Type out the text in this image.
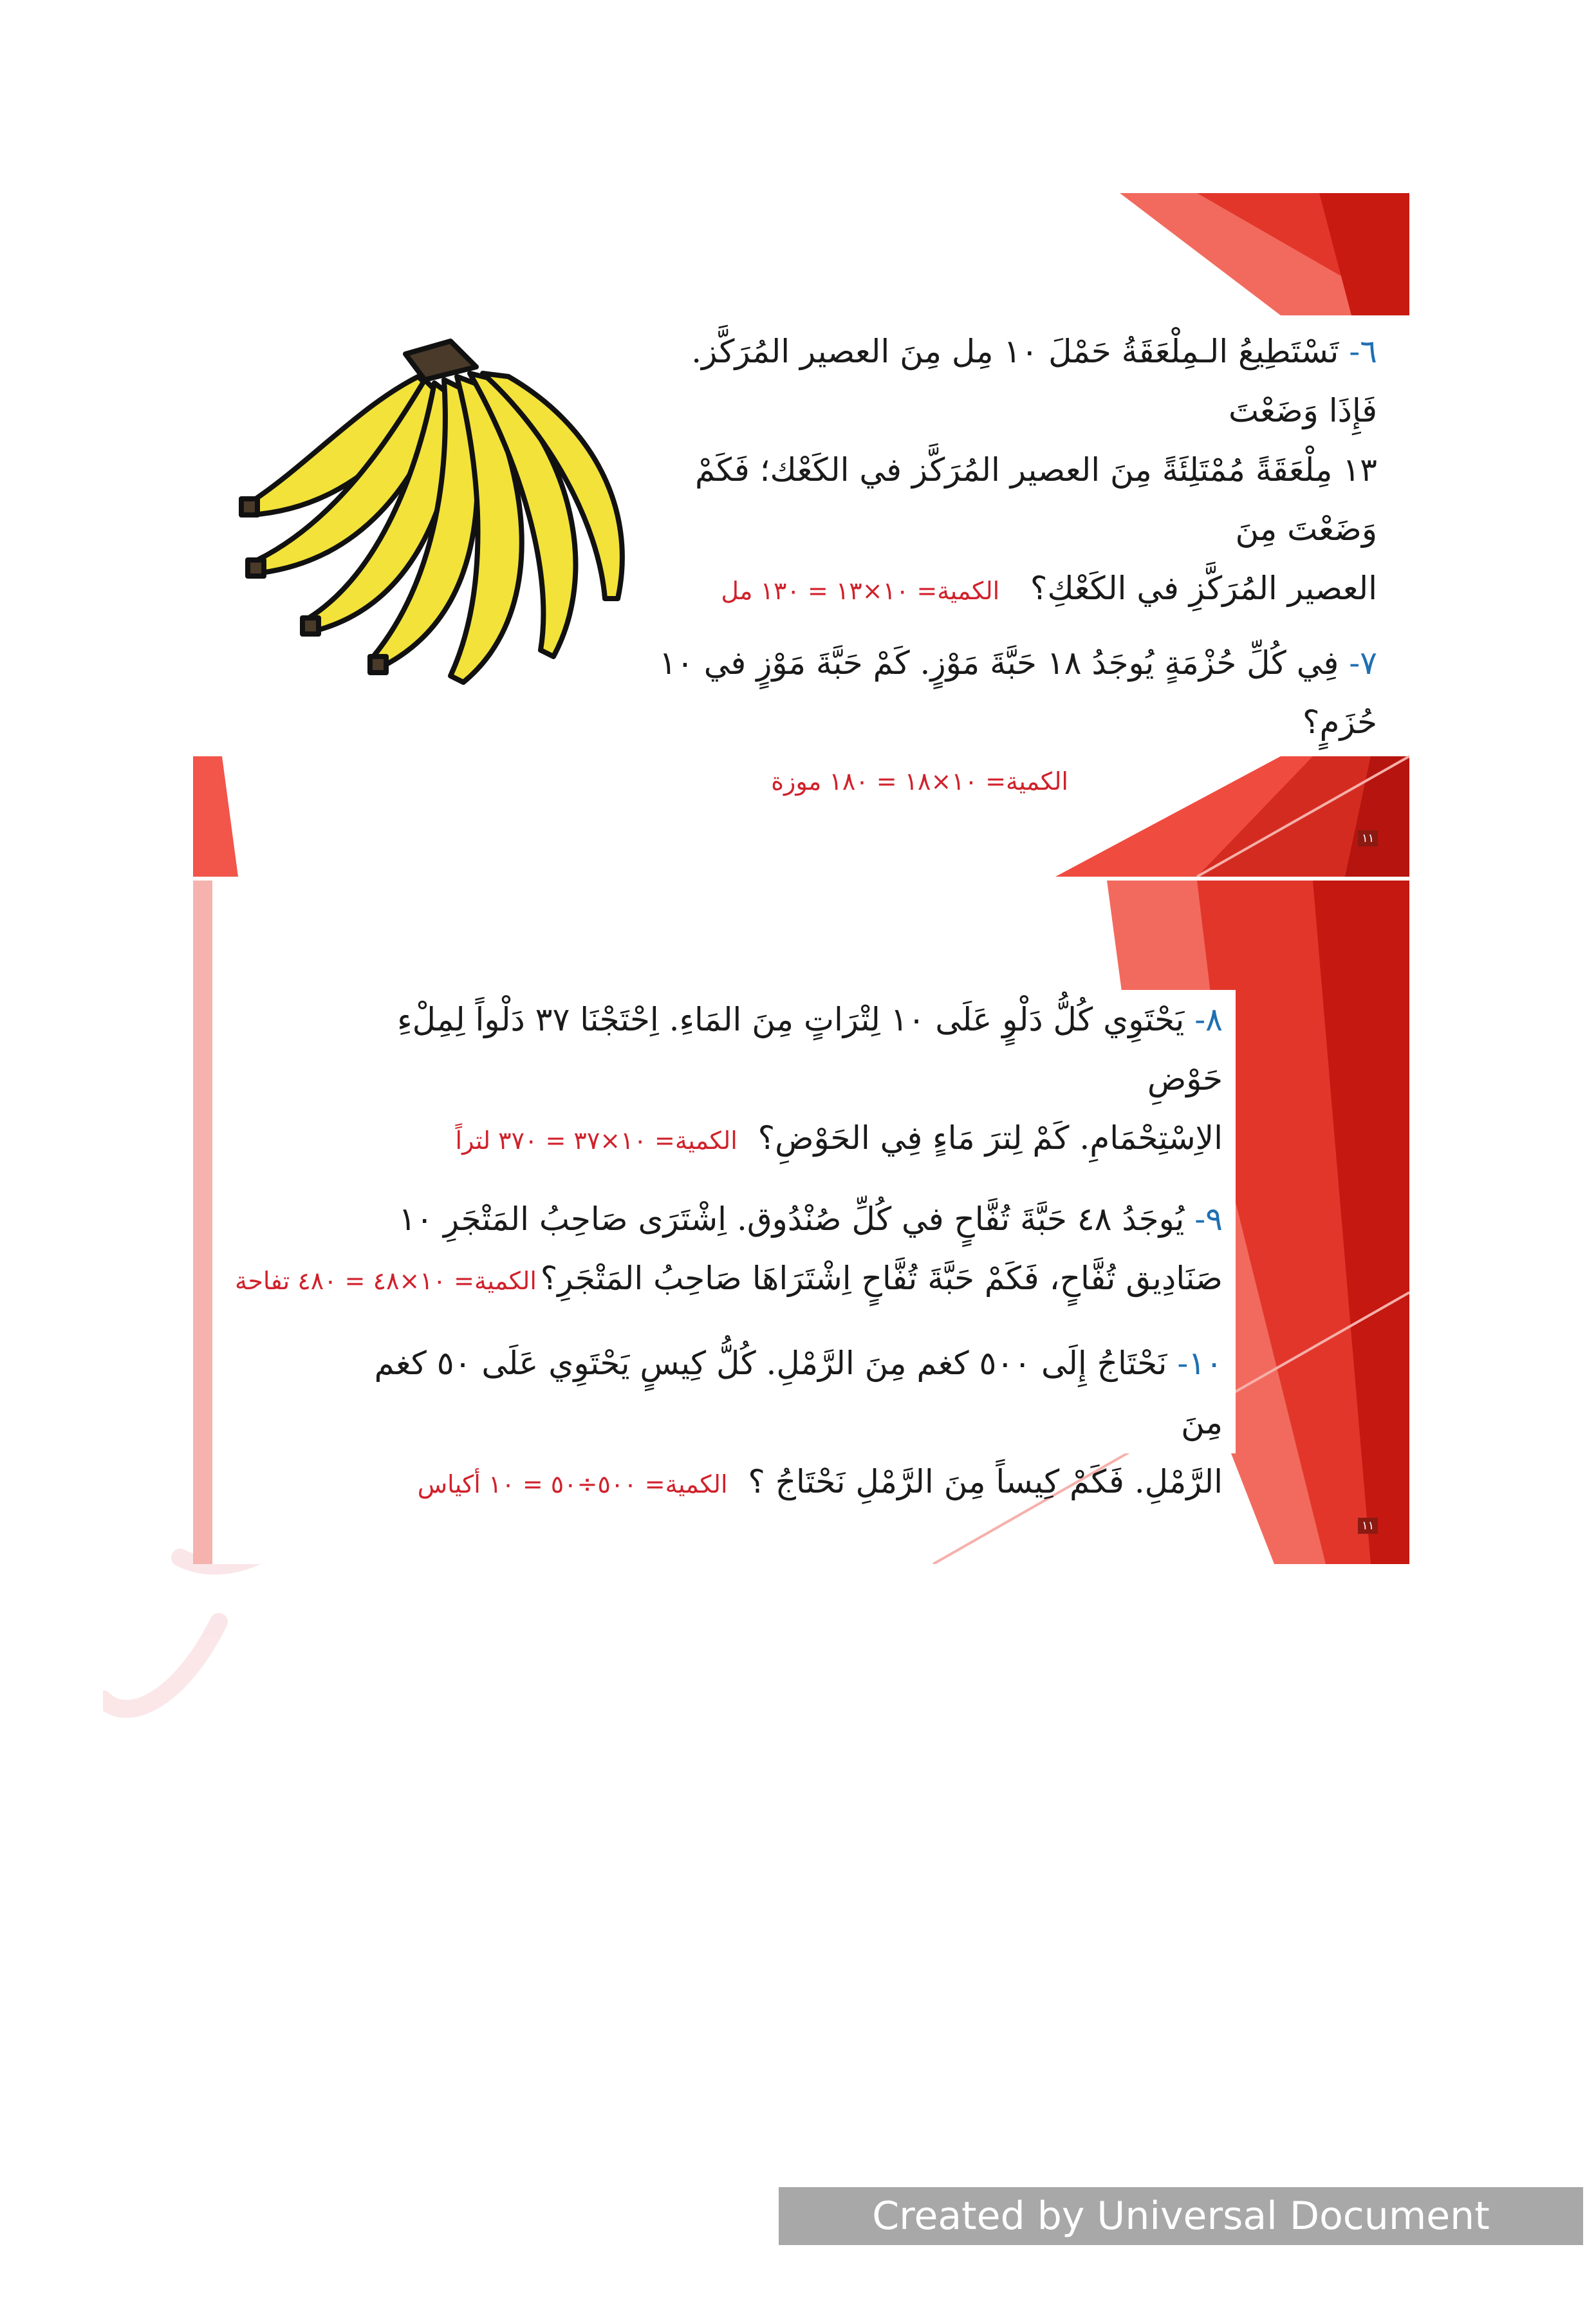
٦- تَسْتَطِيعُ الـمِلْعَقَةُ حَمْلَ ١٠ مِل مِنَ العصير المُرَكَّز. فَإِذَا وَضَعْتَ
١٣ مِلْعَقَةً مُمْتَلِئَةً مِنَ العصير المُرَكَّز في الكَعْك؛ فَكَمْ وَضَعْتَ مِنَ
العصير المُرَكَّزِ في الكَعْكِ؟   الكمية= ١٠×١٣ = ١٣٠ مل
٧- فِي كُلِّ حُزْمَةٍ يُوجَدُ ١٨ حَبَّةَ مَوْزٍ. كَمْ حَبَّةَ مَوْزٍ في ١٠ حُزَمٍ؟
الكمية= ١٠×١٨ = ١٨٠ موزة
١١
٨- يَحْتَوِي كُلُّ دَلْوٍ عَلَى ١٠ لِتْرَاتٍ مِنَ المَاءِ. اِحْتَجْنَا ٣٧ دَلْواً لِمِلْءِ حَوْضِ
الاِسْتِحْمَامِ. كَمْ لِترَ مَاءٍ فِي الحَوْضِ؟  الكمية= ١٠×٣٧ = ٣٧٠ لتراً
٩- يُوجَدُ ٤٨ حَبَّةَ تُفَّاحٍ في كُلِّ صُنْدُوق. اِشْتَرَى صَاحِبُ المَتْجَرِ ١٠
صَنَادِيق تُفَّاحٍ، فَكَمْ حَبَّةَ تُفَّاحٍ اِشْتَرَاهَا صَاحِبُ المَتْجَرِ؟
١٠- نَحْتَاجُ إِلَى ٥٠٠ كغم مِنَ الرَّمْلِ. كُلُّ كِيسٍ يَحْتَوِي عَلَى ٥٠ كغم مِنَ
الرَّمْلِ. فَكَمْ كِيساً مِنَ الرَّمْلِ نَحْتَاجُ ؟  الكمية= ٥٠٠÷٥٠ = ١٠ أكياس
الكمية= ١٠×٤٨ = ٤٨٠ تفاحة
١١
Created by Universal Document Converter
